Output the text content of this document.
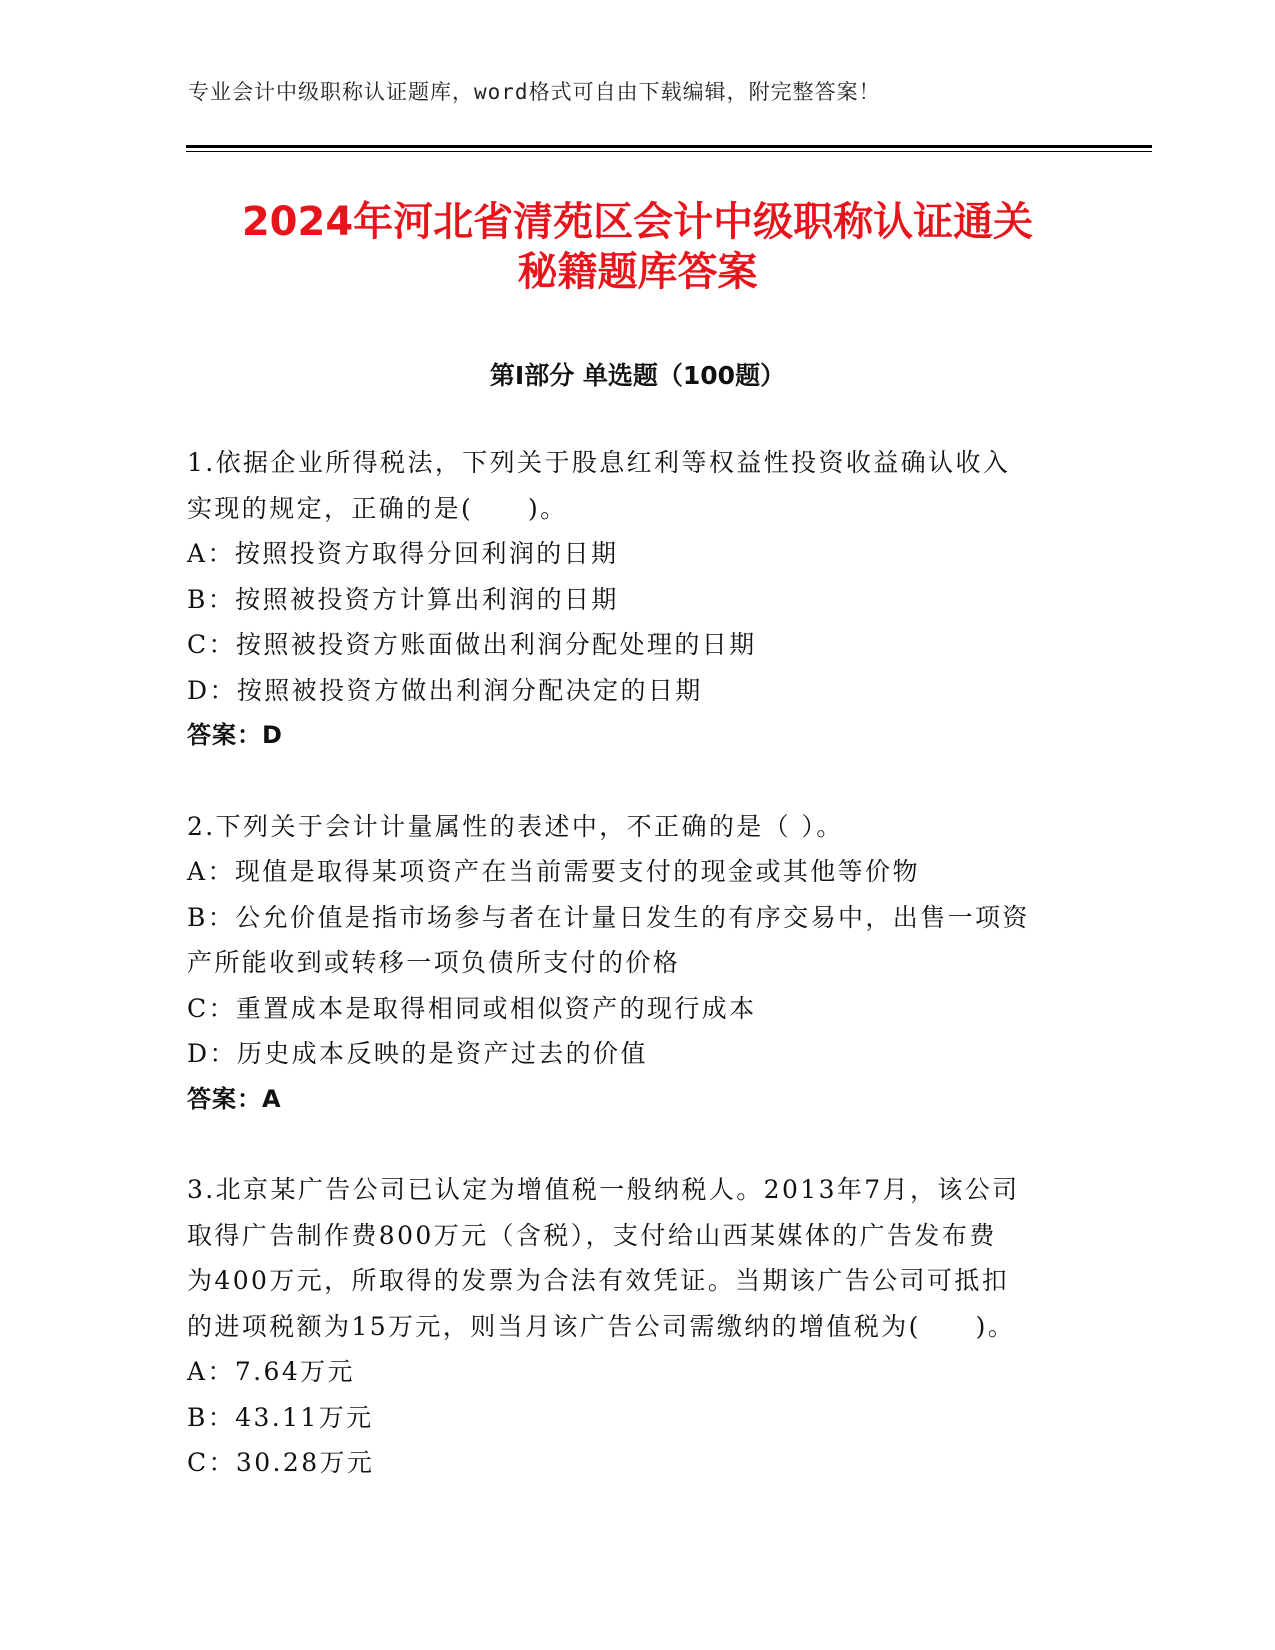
专业会计中级职称认证题库，word格式可自由下载编辑，附完整答案！
2024年河北省清苑区会计中级职称认证通关
秘籍题库答案
第Ⅰ部分 单选题（100题）
1.依据企业所得税法，下列关于股息红利等权益性投资收益确认收入
实现的规定，正确的是(　　)。
A：按照投资方取得分回利润的日期
B：按照被投资方计算出利润的日期
C：按照被投资方账面做出利润分配处理的日期
D：按照被投资方做出利润分配决定的日期
答案：D
2.下列关于会计计量属性的表述中，不正确的是（ ）。
A：现值是取得某项资产在当前需要支付的现金或其他等价物
B：公允价值是指市场参与者在计量日发生的有序交易中，出售一项资
产所能收到或转移一项负债所支付的价格
C：重置成本是取得相同或相似资产的现行成本
D：历史成本反映的是资产过去的价值
答案：A
3.北京某广告公司已认定为增值税一般纳税人。2013年7月，该公司
取得广告制作费800万元（含税），支付给山西某媒体的广告发布费
为400万元，所取得的发票为合法有效凭证。当期该广告公司可抵扣
的进项税额为15万元，则当月该广告公司需缴纳的增值税为(　　)。
A：7.64万元
B：43.11万元
C：30.28万元
